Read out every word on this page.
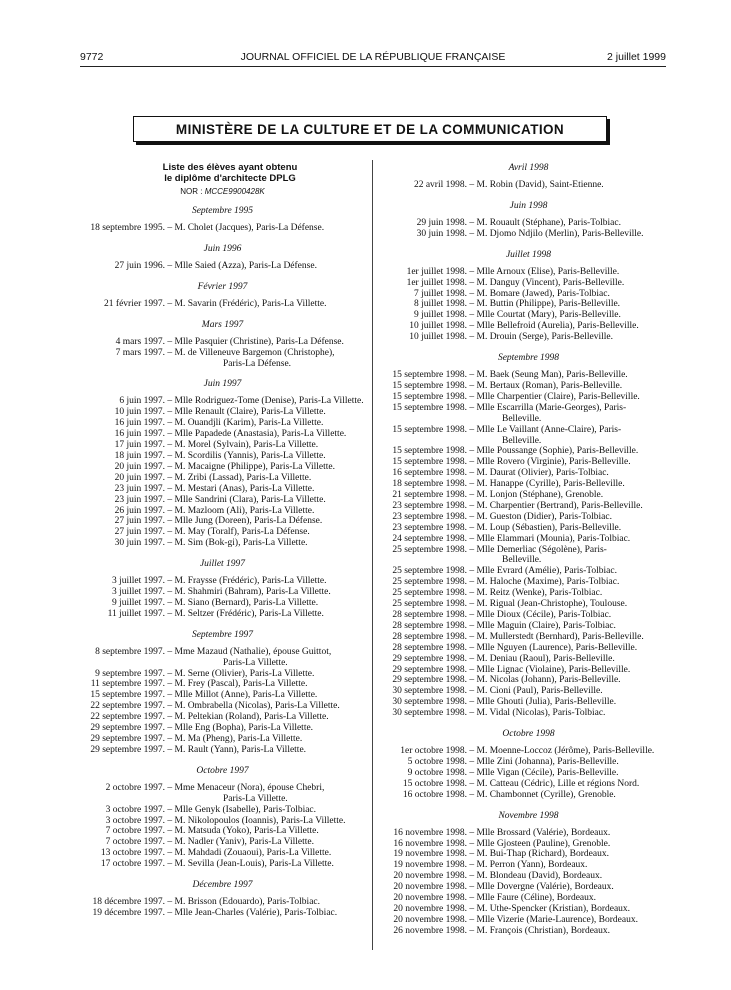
9772	JOURNAL OFFICIEL DE LA RÉPUBLIQUE FRANÇAISE	2 juillet 1999
MINISTÈRE DE LA CULTURE ET DE LA COMMUNICATION
Liste des élèves ayant obtenu
le diplôme d'architecte DPLG
NOR : MCCE9900428K
Septembre 1995
18 septembre 1995. – M. Cholet (Jacques), Paris-La Défense.
Juin 1996
27 juin 1996. – Mlle Saied (Azza), Paris-La Défense.
Février 1997
21 février 1997. – M. Savarin (Frédéric), Paris-La Villette.
Mars 1997
4 mars 1997. – Mlle Pasquier (Christine), Paris-La Défense.
7 mars 1997. – M. de Villeneuve Bargemon (Christophe),
Paris-La Défense.
Juin 1997
6 juin 1997. – Mlle Rodriguez-Tome (Denise), Paris-La Villette.
10 juin 1997. – Mlle Renault (Claire), Paris-La Villette.
16 juin 1997. – M. Ouandjli (Karim), Paris-La Villette.
16 juin 1997. – Mlle Papadede (Anastasia), Paris-La Villette.
17 juin 1997. – M. Morel (Sylvain), Paris-La Villette.
18 juin 1997. – M. Scordilis (Yannis), Paris-La Villette.
20 juin 1997. – M. Macaigne (Philippe), Paris-La Villette.
20 juin 1997. – M. Zribi (Lassad), Paris-La Villette.
23 juin 1997. – M. Mestari (Anas), Paris-La Villette.
23 juin 1997. – Mlle Sandrini (Clara), Paris-La Villette.
26 juin 1997. – M. Mazloom (Ali), Paris-La Villette.
27 juin 1997. – Mlle Jung (Doreen), Paris-La Défense.
27 juin 1997. – M. May (Toralf), Paris-La Défense.
30 juin 1997. – M. Sim (Bok-gi), Paris-La Villette.
Juillet 1997
3 juillet 1997. – M. Fraysse (Frédéric), Paris-La Villette.
3 juillet 1997. – M. Shahmiri (Bahram), Paris-La Villette.
9 juillet 1997. – M. Siano (Bernard), Paris-La Villette.
11 juillet 1997. – M. Seltzer (Frédéric), Paris-La Villette.
Septembre 1997
8 septembre 1997. – Mme Mazaud (Nathalie), épouse Guittot,
Paris-La Villette.
9 septembre 1997. – M. Serne (Olivier), Paris-La Villette.
11 septembre 1997. – M. Frey (Pascal), Paris-La Villette.
15 septembre 1997. – Mlle Millot (Anne), Paris-La Villette.
22 septembre 1997. – M. Ombrabella (Nicolas), Paris-La Villette.
22 septembre 1997. – M. Peltekian (Roland), Paris-La Villette.
29 septembre 1997. – Mlle Eng (Bopha), Paris-La Villette.
29 septembre 1997. – M. Ma (Pheng), Paris-La Villette.
29 septembre 1997. – M. Rault (Yann), Paris-La Villette.
Octobre 1997
2 octobre 1997. – Mme Menaceur (Nora), épouse Chebri,
Paris-La Villette.
3 octobre 1997. – Mlle Genyk (Isabelle), Paris-Tolbiac.
3 octobre 1997. – M. Nikolopoulos (Ioannis), Paris-La Villette.
7 octobre 1997. – M. Matsuda (Yoko), Paris-La Villette.
7 octobre 1997. – M. Nadler (Yaniv), Paris-La Villette.
13 octobre 1997. – M. Mahdadi (Zouaoui), Paris-La Villette.
17 octobre 1997. – M. Sevilla (Jean-Louis), Paris-La Villette.
Décembre 1997
18 décembre 1997. – M. Brisson (Edouardo), Paris-Tolbiac.
19 décembre 1997. – Mlle Jean-Charles (Valérie), Paris-Tolbiac.
Avril 1998
22 avril 1998. – M. Robin (David), Saint-Etienne.
Juin 1998
29 juin 1998. – M. Rouault (Stéphane), Paris-Tolbiac.
30 juin 1998. – M. Djomo Ndjilo (Merlin), Paris-Belleville.
Juillet 1998
1er juillet 1998. – Mlle Arnoux (Elise), Paris-Belleville.
1er juillet 1998. – M. Danguy (Vincent), Paris-Belleville.
7 juillet 1998. – M. Bomare (Jawed), Paris-Tolbiac.
8 juillet 1998. – M. Buttin (Philippe), Paris-Belleville.
9 juillet 1998. – Mlle Courtat (Mary), Paris-Belleville.
10 juillet 1998. – Mlle Bellefroid (Aurelia), Paris-Belleville.
10 juillet 1998. – M. Drouin (Serge), Paris-Belleville.
Septembre 1998
15 septembre 1998. – M. Baek (Seung Man), Paris-Belleville.
15 septembre 1998. – M. Bertaux (Roman), Paris-Belleville.
15 septembre 1998. – Mlle Charpentier (Claire), Paris-Belleville.
15 septembre 1998. – Mlle Escarrilla (Marie-Georges), Paris-
Belleville.
15 septembre 1998. – Mlle Le Vaillant (Anne-Claire), Paris-
Belleville.
15 septembre 1998. – Mlle Poussange (Sophie), Paris-Belleville.
15 septembre 1998. – Mlle Rovero (Virginie), Paris-Belleville.
16 septembre 1998. – M. Daurat (Olivier), Paris-Tolbiac.
18 septembre 1998. – M. Hanappe (Cyrille), Paris-Belleville.
21 septembre 1998. – M. Lonjon (Stéphane), Grenoble.
23 septembre 1998. – M. Charpentier (Bertrand), Paris-Belleville.
23 septembre 1998. – M. Gueston (Didier), Paris-Tolbiac.
23 septembre 1998. – M. Loup (Sébastien), Paris-Belleville.
24 septembre 1998. – Mlle Elammari (Mounia), Paris-Tolbiac.
25 septembre 1998. – Mlle Demerliac (Ségolène), Paris-
Belleville.
25 septembre 1998. – Mlle Evrard (Amélie), Paris-Tolbiac.
25 septembre 1998. – M. Haloche (Maxime), Paris-Tolbiac.
25 septembre 1998. – M. Reitz (Wenke), Paris-Tolbiac.
25 septembre 1998. – M. Rigual (Jean-Christophe), Toulouse.
28 septembre 1998. – Mlle Dioux (Cécile), Paris-Tolbiac.
28 septembre 1998. – Mlle Maguin (Claire), Paris-Tolbiac.
28 septembre 1998. – M. Mullerstedt (Bernhard), Paris-Belleville.
28 septembre 1998. – Mlle Nguyen (Laurence), Paris-Belleville.
29 septembre 1998. – M. Deniau (Raoul), Paris-Belleville.
29 septembre 1998. – Mlle Lignac (Violaine), Paris-Belleville.
29 septembre 1998. – M. Nicolas (Johann), Paris-Belleville.
30 septembre 1998. – M. Cioni (Paul), Paris-Belleville.
30 septembre 1998. – Mlle Ghouti (Julia), Paris-Belleville.
30 septembre 1998. – M. Vidal (Nicolas), Paris-Tolbiac.
Octobre 1998
1er octobre 1998. – M. Moenne-Loccoz (Jérôme), Paris-Belleville.
5 octobre 1998. – Mlle Zini (Johanna), Paris-Belleville.
9 octobre 1998. – Mlle Vigan (Cécile), Paris-Belleville.
15 octobre 1998. – M. Catteau (Cédric), Lille et régions Nord.
16 octobre 1998. – M. Chambonnet (Cyrille), Grenoble.
Novembre 1998
16 novembre 1998. – Mlle Brossard (Valérie), Bordeaux.
16 novembre 1998. – Mlle Gjosteen (Pauline), Grenoble.
19 novembre 1998. – M. Bui-Thap (Richard), Bordeaux.
19 novembre 1998. – M. Perron (Yann), Bordeaux.
20 novembre 1998. – M. Blondeau (David), Bordeaux.
20 novembre 1998. – Mlle Dovergne (Valérie), Bordeaux.
20 novembre 1998. – Mlle Faure (Céline), Bordeaux.
20 novembre 1998. – M. Uthe-Spencker (Kristian), Bordeaux.
20 novembre 1998. – Mlle Vizerie (Marie-Laurence), Bordeaux.
26 novembre 1998. – M. François (Christian), Bordeaux.
